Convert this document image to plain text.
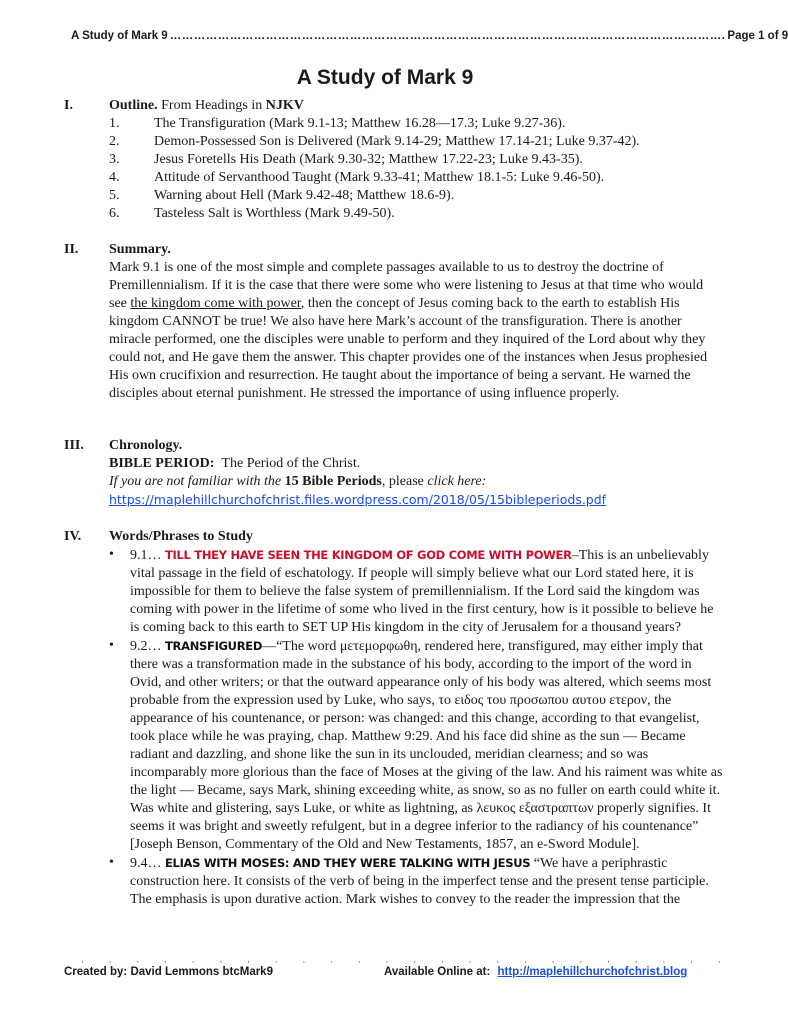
A Study of Mark 9 …………………………………………………………………………………………………………………………. Page 1 of 9
A Study of Mark 9
I.	Outline. From Headings in NJKV
1.	The Transfiguration (Mark 9.1-13; Matthew 16.28—17.3; Luke 9.27-36).
2.	Demon-Possessed Son is Delivered (Mark 9.14-29; Matthew 17.14-21; Luke 9.37-42).
3.	Jesus Foretells His Death (Mark 9.30-32; Matthew 17.22-23; Luke 9.43-35).
4.	Attitude of Servanthood Taught (Mark 9.33-41; Matthew 18.1-5: Luke 9.46-50).
5.	Warning about Hell (Mark 9.42-48; Matthew 18.6-9).
6.	Tasteless Salt is Worthless (Mark 9.49-50).
II. Summary.
Mark 9.1 is one of the most simple and complete passages available to us to destroy the doctrine of Premillennialism. If it is the case that there were some who were listening to Jesus at that time who would see the kingdom come with power, then the concept of Jesus coming back to the earth to establish His kingdom CANNOT be true! We also have here Mark’s account of the transfiguration. There is another miracle performed, one the disciples were unable to perform and they inquired of the Lord about why they could not, and He gave them the answer. This chapter provides one of the instances when Jesus prophesied His own crucifixion and resurrection. He taught about the importance of being a servant. He warned the disciples about eternal punishment. He stressed the importance of using influence properly.
III. Chronology.
BIBLE PERIOD: The Period of the Christ.
If you are not familiar with the 15 Bible Periods, please click here:
https://maplehillchurchofchrist.files.wordpress.com/2018/05/15bibleperiods.pdf
IV. Words/Phrases to Study
• 9.1… TILL THEY HAVE SEEN THE KINGDOM OF GOD COME WITH POWER–This is an unbelievably vital passage in the field of eschatology. If people will simply believe what our Lord stated here, it is impossible for them to believe the false system of premillennialism. If the Lord said the kingdom was coming with power in the lifetime of some who lived in the first century, how is it possible to believe he is coming back to this earth to SET UP His kingdom in the city of Jerusalem for a thousand years?
• 9.2… TRANSFIGURED—“The word μετεμορφωθη, rendered here, transfigured, may either imply that there was a transformation made in the substance of his body, according to the import of the word in Ovid, and other writers; or that the outward appearance only of his body was altered, which seems most probable from the expression used by Luke, who says, το ειδος του προσωπου αυτου ετερον, the appearance of his countenance, or person: was changed: and this change, according to that evangelist, took place while he was praying, chap. Matthew 9:29. And his face did shine as the sun — Became radiant and dazzling, and shone like the sun in its unclouded, meridian clearness; and so was incomparably more glorious than the face of Moses at the giving of the law. And his raiment was white as the light — Became, says Mark, shining exceeding white, as snow, so as no fuller on earth could white it. Was white and glistering, says Luke, or white as lightning, as λευκος εξαστραπτων properly signifies. It seems it was bright and sweetly refulgent, but in a degree inferior to the radiancy of his countenance” [Joseph Benson, Commentary of the Old and New Testaments, 1857, an e-Sword Module].
• 9.4… ELIAS WITH MOSES: AND THEY WERE TALKING WITH JESUS “We have a periphrastic construction here. It consists of the verb of being in the imperfect tense and the present tense participle. The emphasis is upon durative action. Mark wishes to convey to the reader the impression that the
·	·	·	·	·	·	·	·	·	·	·	·	·	·	·	·	·	·	·	·	·	·	·	·
Created by: David Lemmons btcMark9	Available Online at: http://maplehillchurchofchrist.blog
